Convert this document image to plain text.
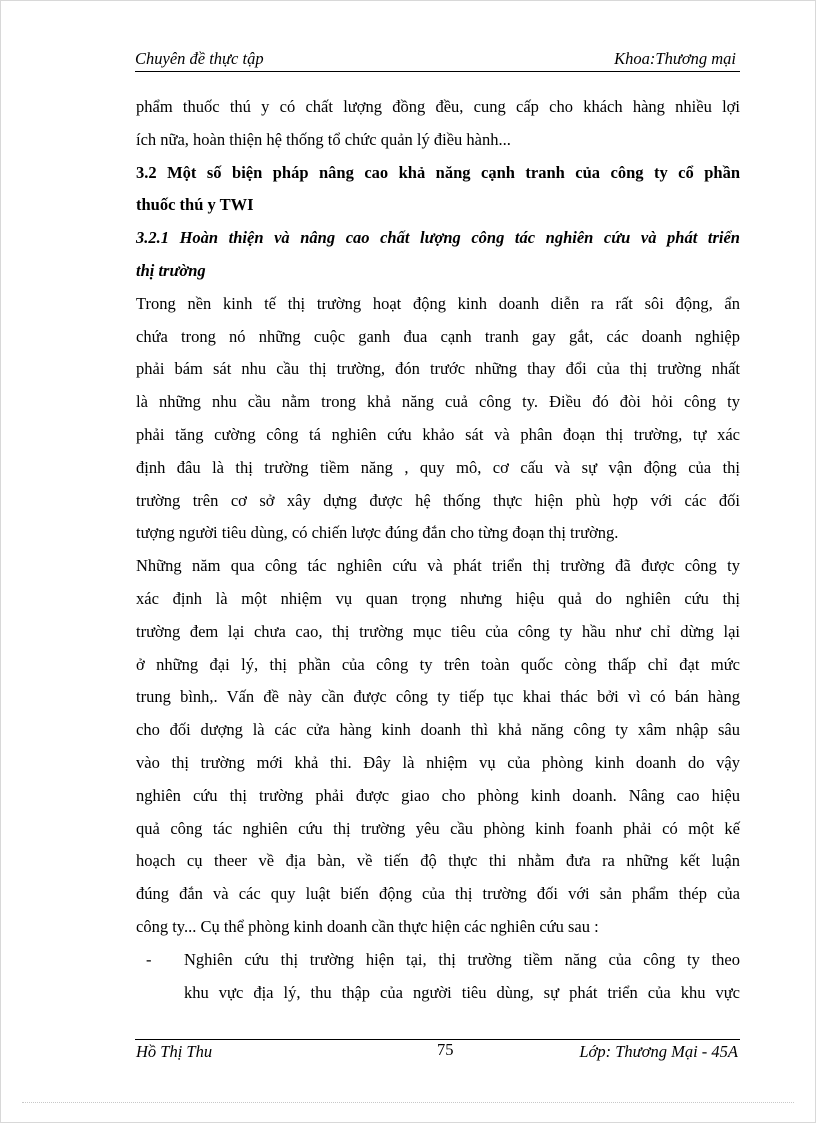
Chuyên đề thực tập	Khoa:Thương mại
phẩm thuốc thú y có chất lượng đồng đều, cung cấp cho khách hàng nhiều lợi
ích nữa, hoàn thiện hệ thống tổ chức quản lý điều hành...
3.2 Một số biện pháp nâng cao khả năng cạnh tranh của công ty cổ phần
thuốc thú y TWI
3.2.1 Hoàn thiện và nâng cao chất lượng công tác nghiên cứu và phát triển
thị trường
Trong nền kinh tế thị trường hoạt động kinh doanh diễn ra rất sôi động, ẩn
chứa trong nó những cuộc ganh đua cạnh tranh gay gắt, các doanh nghiệp
phải bám sát nhu cầu thị trường, đón trước những thay đổi của thị trường nhất
là những nhu cầu nằm trong khả năng cuả công ty. Điều đó đòi hỏi công ty
phải tăng cường công tá nghiên cứu khảo sát và phân đoạn thị trường, tự xác
định đâu là thị trường tiềm năng , quy mô, cơ cấu và sự vận động của thị
trường trên cơ sở xây dựng được hệ thống thực hiện phù hợp với các đối
tượng người tiêu dùng, có chiến lược đúng đắn cho từng đoạn thị trường.
Những năm qua công tác nghiên cứu và phát triển thị trường đã được công ty
xác định là một nhiệm vụ quan trọng nhưng hiệu quả do nghiên cứu thị
trường đem lại chưa cao, thị trường mục tiêu của công ty hầu như chỉ dừng lại
ở những đại lý, thị phần của công ty trên toàn quốc còng thấp chỉ đạt mức
trung bình,. Vấn đề này cần được công ty tiếp tục khai thác bởi vì có bán hàng
cho đối dượng là các cửa hàng kinh doanh thì khả năng công ty xâm nhập sâu
vào thị trường mới khả thi. Đây là nhiệm vụ của phòng kinh doanh do vậy
nghiên cứu thị trường phải được giao cho phòng kinh doanh. Nâng cao hiệu
quả công tác nghiên cứu thị trường yêu cầu phòng kinh foanh phải có một kế
hoạch cụ theer về địa bàn, về tiến độ thực thi nhằm đưa ra những kết luận
đúng đắn và các quy luật biến động của thị trường đối với sản phẩm thép của
công ty... Cụ thể phòng kinh doanh cần thực hiện các nghiên cứu sau :
- Nghiên cứu thị trường hiện tại, thị trường tiềm năng của công ty theo
khu vực địa lý, thu thập của người tiêu dùng, sự phát triển của khu vực
Hồ Thị Thu	75	Lớp: Thương Mại - 45A
